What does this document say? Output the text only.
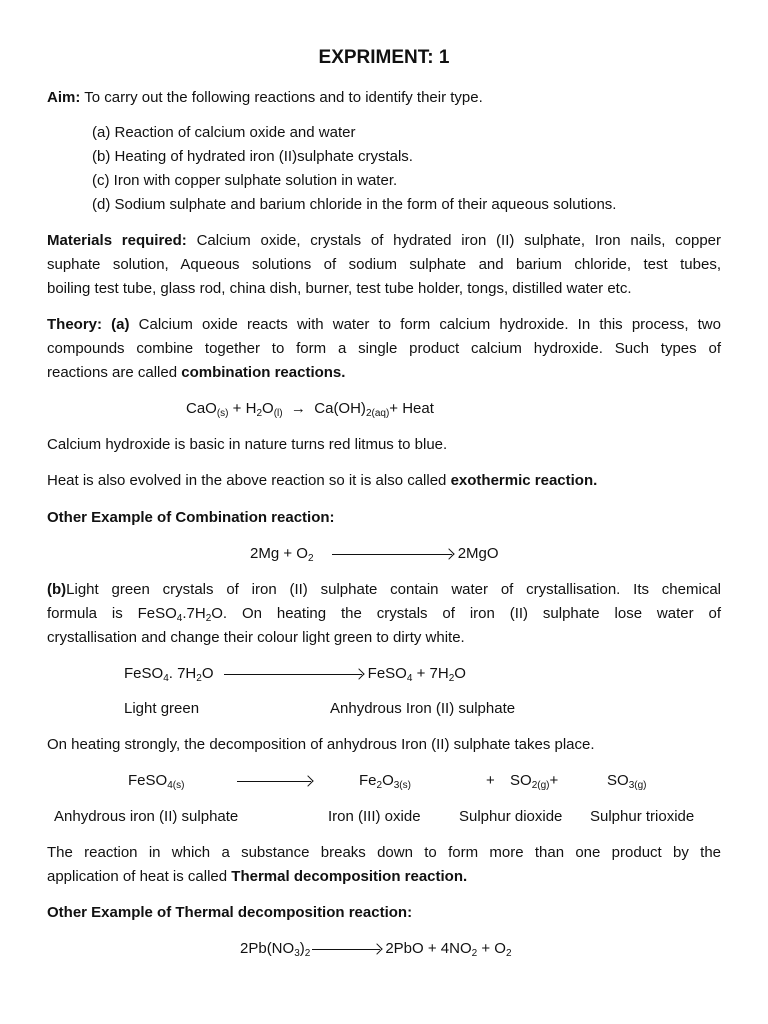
EXPRIMENT: 1
Aim: To carry out the following reactions and to identify their type.
(a) Reaction of calcium oxide and water
(b) Heating of hydrated iron (II)sulphate crystals.
(c) Iron with copper sulphate solution in water.
(d) Sodium sulphate and barium chloride in the form of their aqueous solutions.
Materials required: Calcium oxide, crystals of hydrated iron (II) sulphate, Iron nails, copper
suphate solution, Aqueous solutions of sodium sulphate and barium chloride, test tubes,
boiling test tube, glass rod, china dish, burner, test tube holder, tongs, distilled water etc.
Theory: (a) Calcium oxide reacts with water to form calcium hydroxide. In this process, two
compounds combine together to form a single product calcium hydroxide. Such types of
reactions are called combination reactions.
$CaO_{(s)} + H_2O_{(l)} \to Ca(OH)_{2(aq)}+$ Heat
Calcium hydroxide is basic in nature turns red litmus to blue.
Heat is also evolved in the above reaction so it is also called exothermic reaction.
Other Example of Combination reaction:
$2Mg + O_2$	2MgO
(b)Light green crystals of iron (II) sulphate contain water of crystallisation. Its chemical
formula is $FeSO_4.7H_2O$. On heating the crystals of iron (II) sulphate lose water of
crystallisation and change their colour light green to dirty white.
FeSO$_4$. $7H_2O$	FeSO$_4$ + $7H_2O$
Light green	Anhydrous Iron (II) sulphate
On heating strongly, the decomposition of anhydrous Iron (II) sulphate takes place.
FeSO$_{4(s)}$	$Fe_2O_{3(s)}$	+ $SO_{2(g)}+$	$SO_{3(g)}$
Anhydrous iron (II) sulphate	Iron (III) oxide	Sulphur dioxide Sulphur trioxide
The reaction in which a substance breaks down to form more than one product by the
application of heat is called Thermal decomposition reaction.
Other Example of Thermal decomposition reaction:
$2Pb(NO_3)_2$	$2PbO + 4NO_2 + O_2$
